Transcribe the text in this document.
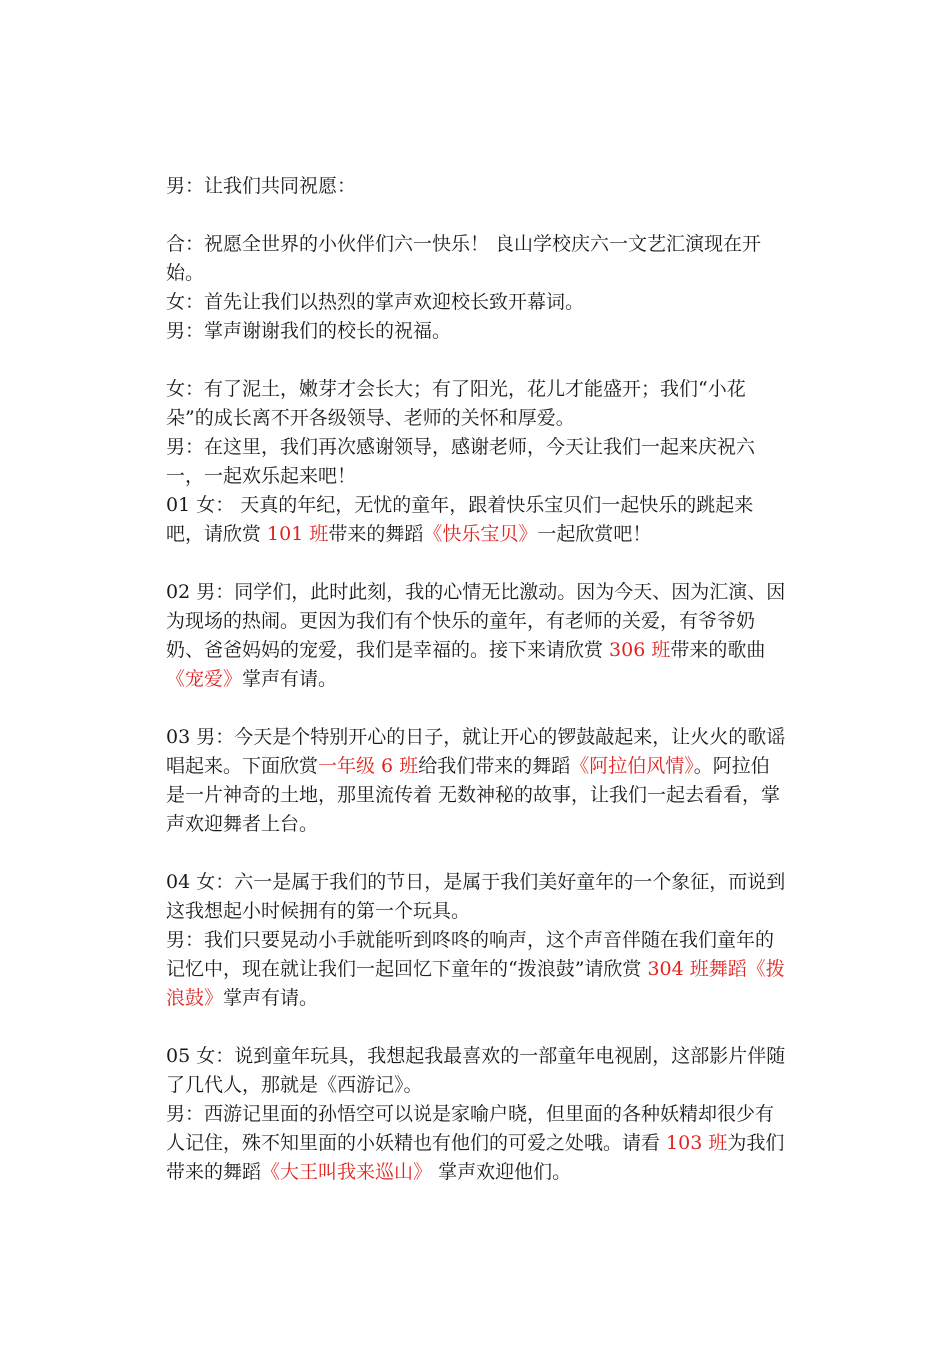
男：让我们共同祝愿：

合：祝愿全世界的小伙伴们六一快乐！ 良山学校庆六一文艺汇演现在开始。

女：首先让我们以热烈的掌声欢迎校长致开幕词。

男：掌声谢谢我们的校长的祝福。

女：有了泥土，嫩芽才会长大；有了阳光，花儿才能盛开；我们“小花朵”的成长离不开各级领导、老师的关怀和厚爱。

男：在这里，我们再次感谢领导，感谢老师，今天让我们一起来庆祝六一，一起欢乐起来吧！

01 女： 天真的年纪，无忧的童年，跟着快乐宝贝们一起快乐的跳起来吧，请欣赏 101 班带来的舞蹈《快乐宝贝》一起欣赏吧！

02 男：同学们，此时此刻，我的心情无比激动。因为今天、因为汇演、因为现场的热闹。更因为我们有个快乐的童年，有老师的关爱，有爷爷奶奶、爸爸妈妈的宠爱，我们是幸福的。接下来请欣赏 306 班带来的歌曲《宠爱》掌声有请。

03 男：今天是个特别开心的日子，就让开心的锣鼓敲起来，让火火的歌谣唱起来。下面欣赏一年级 6 班给我们带来的舞蹈《阿拉伯风情》。阿拉伯是一片神奇的土地，那里流传着 无数神秘的故事，让我们一起去看看，掌声欢迎舞者上台。

04 女：六一是属于我们的节日，是属于我们美好童年的一个象征，而说到这我想起小时候拥有的第一个玩具。

男：我们只要晃动小手就能听到咚咚的响声，这个声音伴随在我们童年的记忆中，现在就让我们一起回忆下童年的“拨浪鼓”请欣赏 304 班舞蹈《拨浪鼓》掌声有请。

05 女：说到童年玩具，我想起我最喜欢的一部童年电视剧，这部影片伴随了几代人，那就是《西游记》。

男：西游记里面的孙悟空可以说是家喻户晓，但里面的各种妖精却很少有人记住，殊不知里面的小妖精也有他们的可爱之处哦。请看 103 班为我们带来的舞蹈《大王叫我来巡山》 掌声欢迎他们。
